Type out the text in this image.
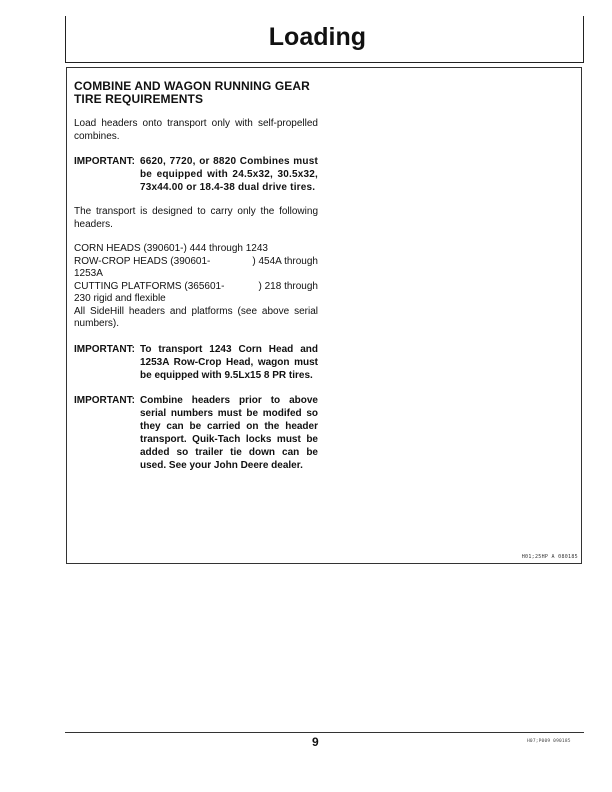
Loading
COMBINE AND WAGON RUNNING GEAR
TIRE REQUIREMENTS
Load headers onto transport only with self-propelled combines.
IMPORTANT: 6620, 7720, or 8820 Combines must be equipped with 24.5x32, 30.5x32, 73x44.00 or 18.4-38 dual drive tires.
The transport is designed to carry only the following headers.
CORN HEADS (390601- ) 444 through 1243
ROW-CROP HEADS (390601-	) 454A through
1253A
CUTTING PLATFORMS (365601-	) 218 through
230 rigid and flexible
All SideHill headers and platforms (see above serial numbers).
IMPORTANT: To transport 1243 Corn Head and 1253A Row-Crop Head, wagon must be equipped with 9.5Lx15 8 PR tires.
IMPORTANT: Combine headers prior to above serial numbers must be modifed so they can be carried on the header transport. Quik-Tach locks must be added so trailer tie down can be used. See your John Deere dealer.
H01;25HP A 080185
9	H07;P009 090185
